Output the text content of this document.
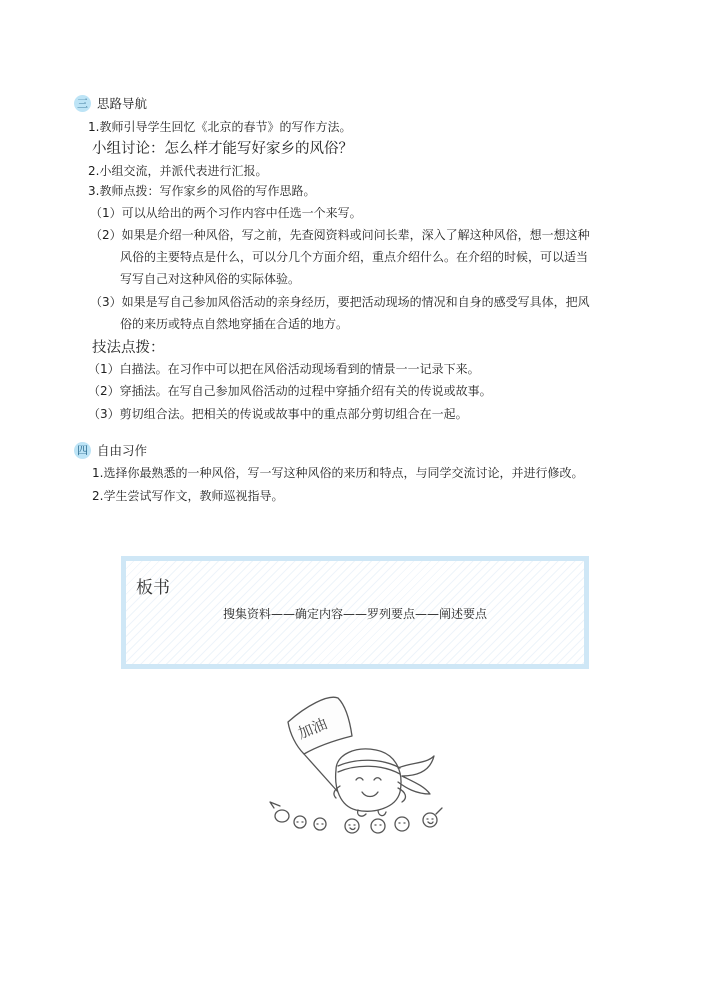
三 思路导航
1.教师引导学生回忆《北京的春节》的写作方法。
小组讨论：怎么样才能写好家乡的风俗？
2.小组交流，并派代表进行汇报。
3.教师点拨：写作家乡的风俗的写作思路。
（1）可以从给出的两个习作内容中任选一个来写。
（2）如果是介绍一种风俗，写之前，先查阅资料或问问长辈，深入了解这种风俗，想一想这种
风俗的主要特点是什么，可以分几个方面介绍，重点介绍什么。在介绍的时候，可以适当
写写自己对这种风俗的实际体验。
（3）如果是写自己参加风俗活动的亲身经历，要把活动现场的情况和自身的感受写具体，把风
俗的来历或特点自然地穿插在合适的地方。
技法点拨：
（1）白描法。在习作中可以把在风俗活动现场看到的情景一一记录下来。
（2）穿插法。在写自己参加风俗活动的过程中穿插介绍有关的传说或故事。
（3）剪切组合法。把相关的传说或故事中的重点部分剪切组合在一起。
四 自由习作
1.选择你最熟悉的一种风俗，写一写这种风俗的来历和特点，与同学交流讨论，并进行修改。
2.学生尝试写作文，教师巡视指导。
板书
搜集资料——确定内容——罗列要点——阐述要点
加油
